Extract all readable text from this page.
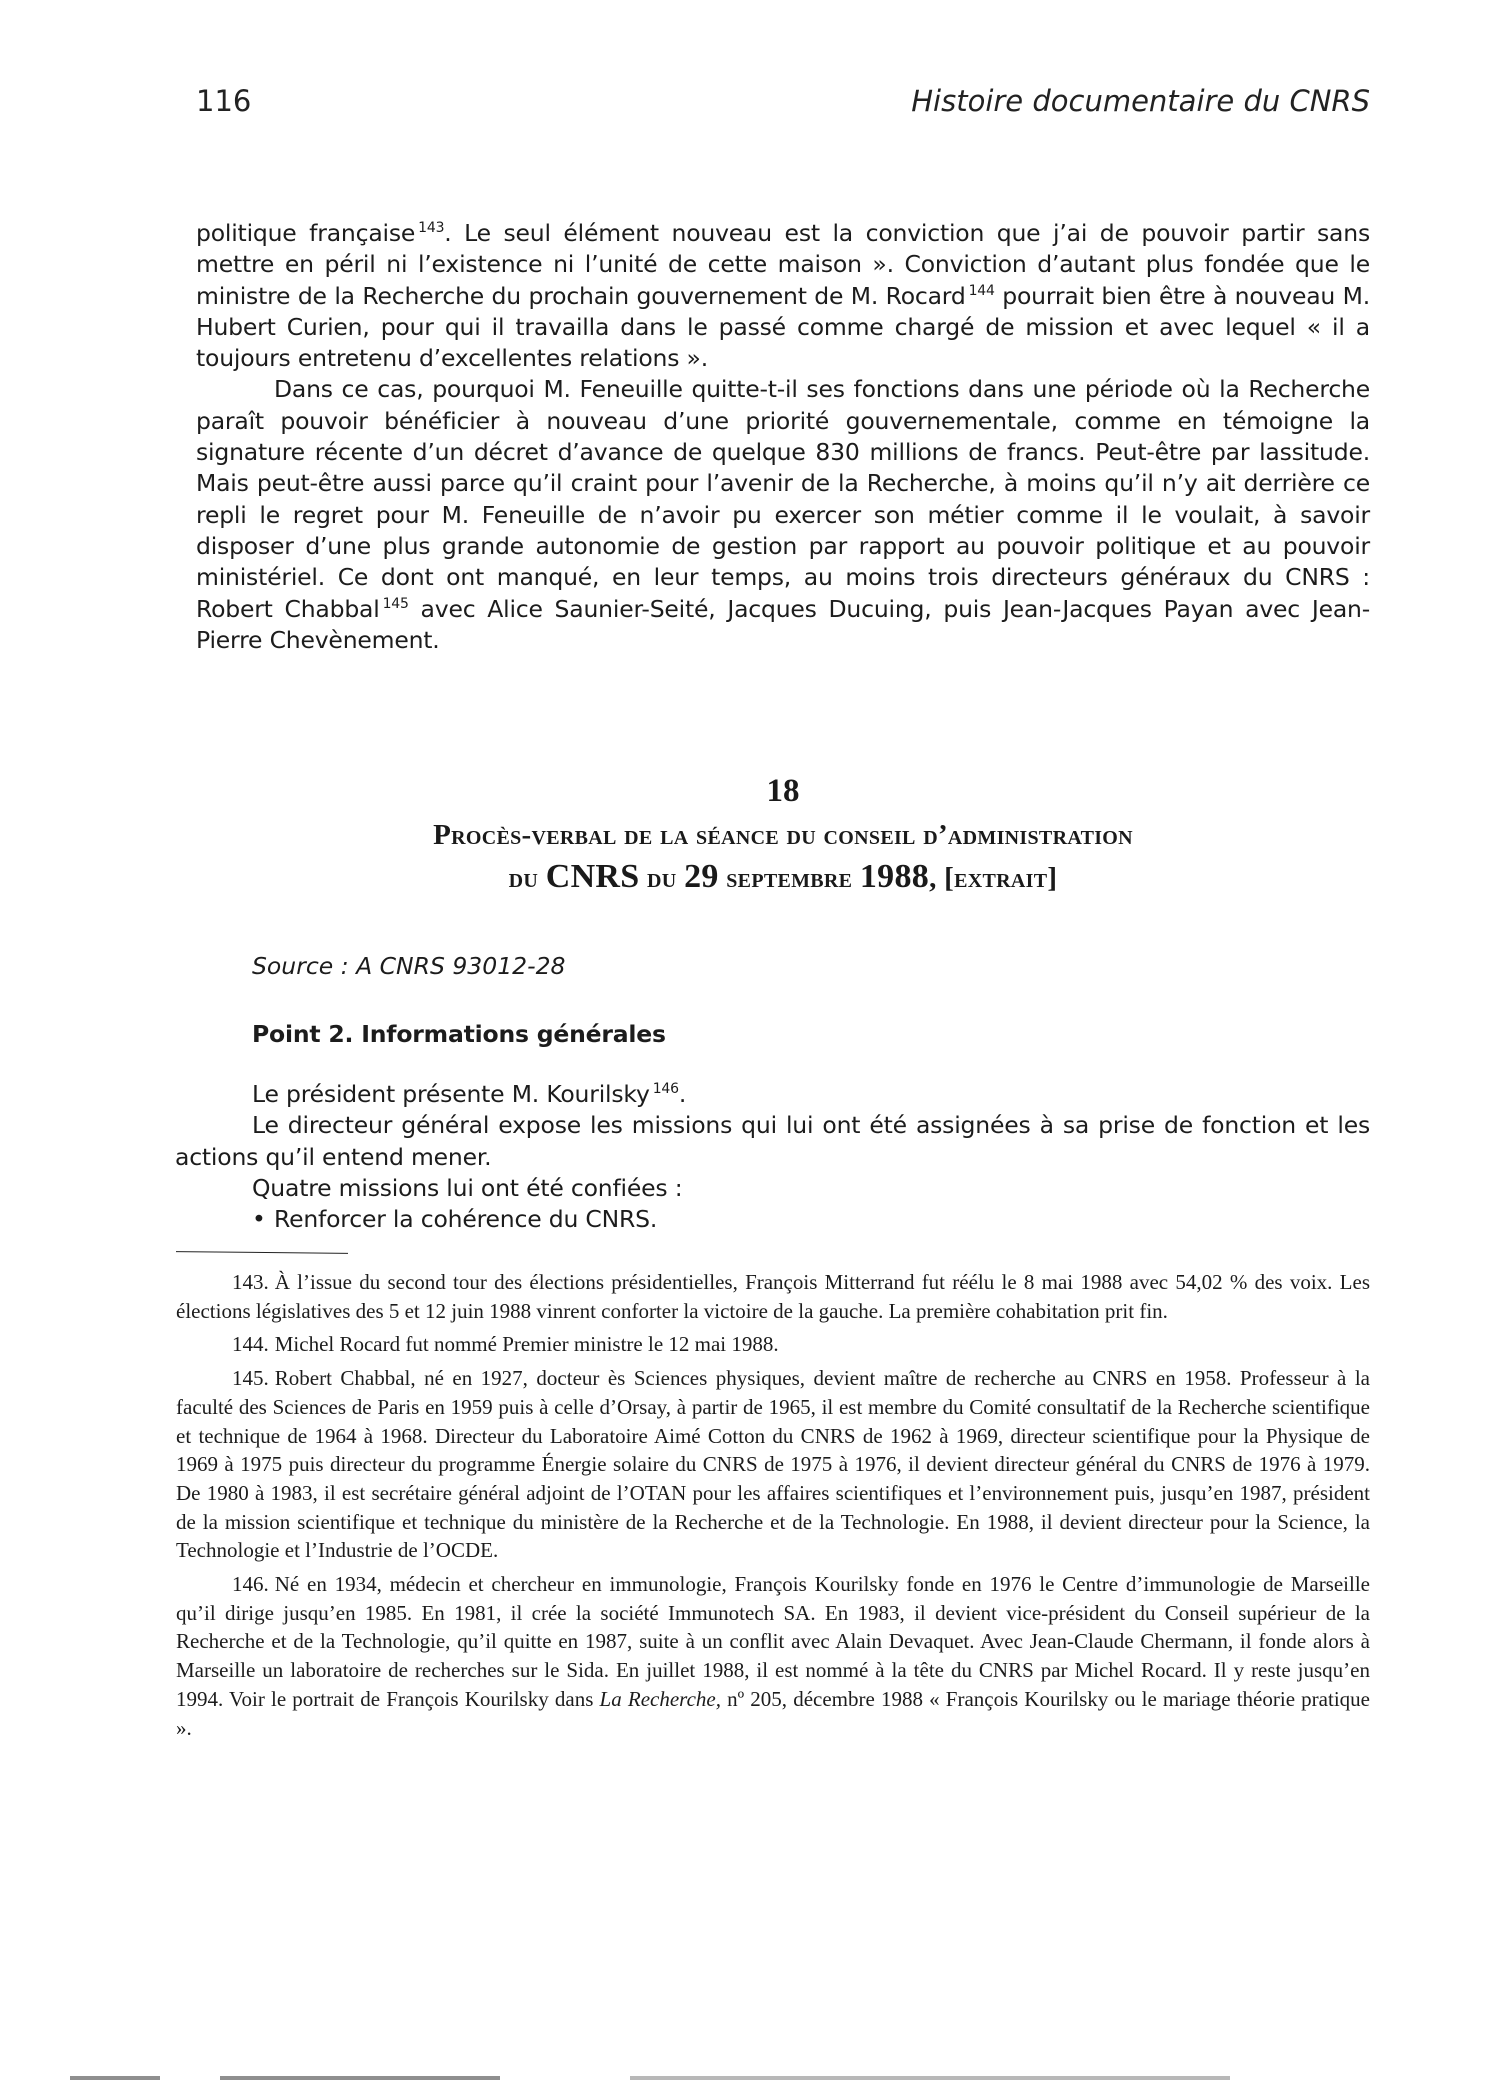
116	Histoire documentaire du CNRS

politique française $^{143}$. Le seul élément nouveau est la conviction que j’ai de pouvoir partir sans mettre en péril ni l’existence ni l’unité de cette maison ». Conviction d’autant plus fondée que le ministre de la Recherche du prochain gouvernement de M. Rocard $^{144}$ pourrait bien être à nouveau M. Hubert Curien, pour qui il travailla dans le passé comme chargé de mission et avec lequel « il a toujours entretenu d’excellentes relations ».

Dans ce cas, pourquoi M. Feneuille quitte-t-il ses fonctions dans une période où la Recherche paraît pouvoir bénéficier à nouveau d’une priorité gouvernementale, comme en témoigne la signature récente d’un décret d’avance de quelque 830 millions de francs. Peut-être par lassitude. Mais peut-être aussi parce qu’il craint pour l’avenir de la Recherche, à moins qu’il n’y ait derrière ce repli le regret pour M. Feneuille de n’avoir pu exercer son métier comme il le voulait, à savoir disposer d’une plus grande autonomie de gestion par rapport au pouvoir politique et au pouvoir ministériel. Ce dont ont manqué, en leur temps, au moins trois directeurs généraux du CNRS : Robert Chabbal $^{145}$ avec Alice Saunier-Seité, Jacques Ducuing, puis Jean-Jacques Payan avec Jean-Pierre Chevènement.

18
Procès-verbal de la séance du conseil d’administration
du CNRS du 29 septembre 1988, [extrait]
Source : A CNRS 93012-28
Point 2. Informations générales

Le président présente M. Kourilsky $^{146}$.

Le directeur général expose les missions qui lui ont été assignées à sa prise de fonction et les actions qu’il entend mener.

Quatre missions lui ont été confiées :

• Renforcer la cohérence du CNRS.

143. À l’issue du second tour des élections présidentielles, François Mitterrand fut réélu le 8 mai 1988 avec 54,02 % des voix. Les élections législatives des 5 et 12 juin 1988 vinrent conforter la victoire de la gauche. La première cohabitation prit fin.

144. Michel Rocard fut nommé Premier ministre le 12 mai 1988.

145. Robert Chabbal, né en 1927, docteur ès Sciences physiques, devient maître de recherche au CNRS en 1958. Professeur à la faculté des Sciences de Paris en 1959 puis à celle d’Orsay, à partir de 1965, il est membre du Comité consultatif de la Recherche scientifique et technique de 1964 à 1968. Directeur du Laboratoire Aimé Cotton du CNRS de 1962 à 1969, directeur scientifique pour la Physique de 1969 à 1975 puis directeur du programme Énergie solaire du CNRS de 1975 à 1976, il devient directeur général du CNRS de 1976 à 1979. De 1980 à 1983, il est secrétaire général adjoint de l’OTAN pour les affaires scientifiques et l’environnement puis, jusqu’en 1987, président de la mission scientifique et technique du ministère de la Recherche et de la Technologie. En 1988, il devient directeur pour la Science, la Technologie et l’Industrie de l’OCDE.

146. Né en 1934, médecin et chercheur en immunologie, François Kourilsky fonde en 1976 le Centre d’immunologie de Marseille qu’il dirige jusqu’en 1985. En 1981, il crée la société Immunotech SA. En 1983, il devient vice-président du Conseil supérieur de la Recherche et de la Technologie, qu’il quitte en 1987, suite à un conflit avec Alain Devaquet. Avec Jean-Claude Chermann, il fonde alors à Marseille un laboratoire de recherches sur le Sida. En juillet 1988, il est nommé à la tête du CNRS par Michel Rocard. Il y reste jusqu’en 1994. Voir le portrait de François Kourilsky dans La Recherche, nº 205, décembre 1988 « François Kourilsky ou le mariage théorie pratique ».
